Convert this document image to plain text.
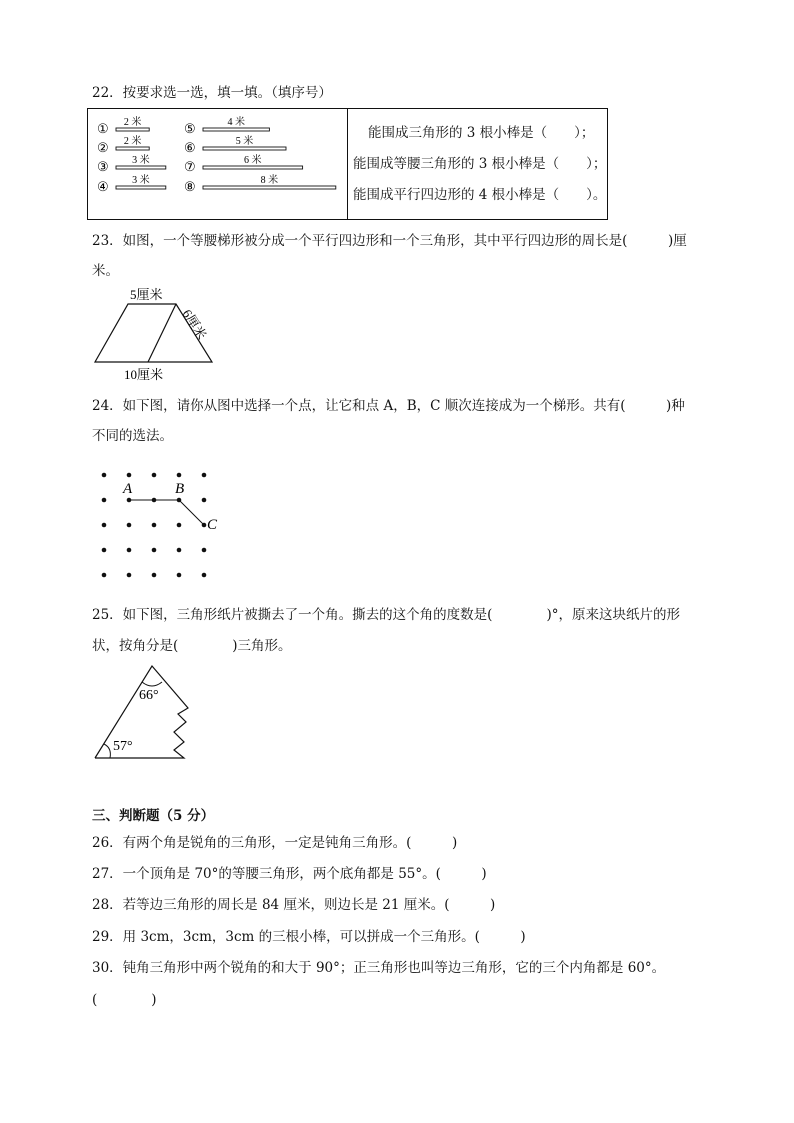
22．按要求选一选，填一填。（填序号）
① 2 米
② 2 米
③ 3 米
④ 3 米
⑤	4 米
⑥	5 米
⑦	6 米
⑧	8 米
能围成三角形的 3 根小棒是（　　）；
能围成等腰三角形的 3 根小棒是（　　）；
能围成平行四边形的 4 根小棒是（　　）。
23．如图，一个等腰梯形被分成一个平行四边形和一个三角形，其中平行四边形的周长是(　　　)厘
米。
5厘米
6厘米
10厘米
24．如下图，请你从图中选择一个点，让它和点 A，B，C 顺次连接成为一个梯形。共有(　　　)种
不同的选法。
A	B
C
25．如下图，三角形纸片被撕去了一个角。撕去的这个角的度数是(　　　　)°，原来这块纸片的形
状，按角分是(　　　　)三角形。
66°
57°
三、判断题（5 分）
26．有两个角是锐角的三角形，一定是钝角三角形。(　　　)
27．一个顶角是 70°的等腰三角形，两个底角都是 55°。(　　　)
28．若等边三角形的周长是 84 厘米，则边长是 21 厘米。(　　　)
29．用 3cm，3cm，3cm 的三根小棒，可以拼成一个三角形。(　　　)
30．钝角三角形中两个锐角的和大于 90°；正三角形也叫等边三角形，它的三个内角都是 60°。
(　　　　)
